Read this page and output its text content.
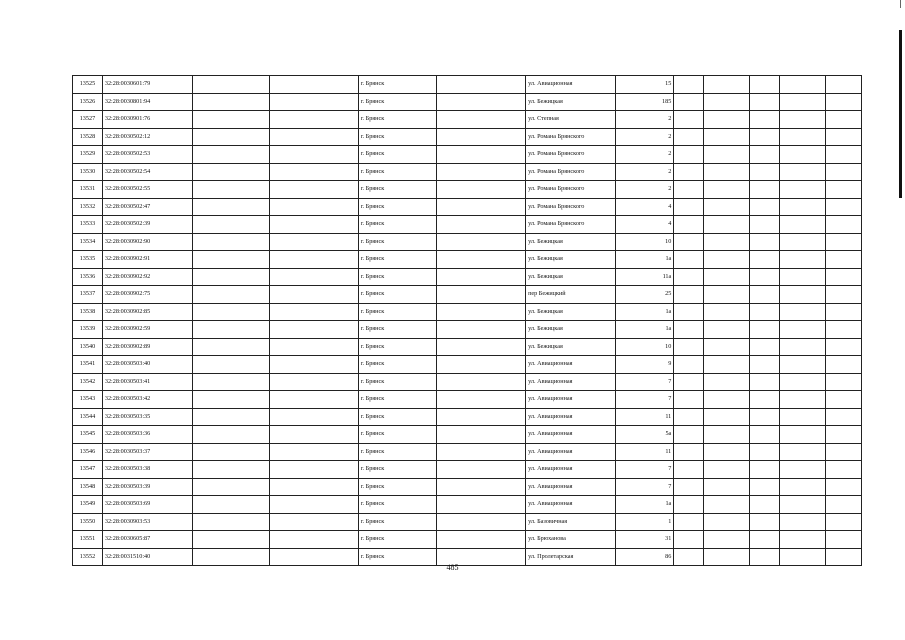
13525	32:28:0030601:79			г. Брянск		ул. Авиационная	15					
13526	32:28:0030801:94			г. Брянск		ул. Бежицкая	185					
13527	32:28:0030901:76			г. Брянск		ул. Степная	2					
13528	32:28:0030502:12			г. Брянск		ул. Романа Брянского	2					
13529	32:28:0030502:53			г. Брянск		ул. Романа Брянского	2					
13530	32:28:0030502:54			г. Брянск		ул. Романа Брянского	2					
13531	32:28:0030502:55			г. Брянск		ул. Романа Брянского	2					
13532	32:28:0030502:47			г. Брянск		ул. Романа Брянского	4					
13533	32:28:0030502:39			г. Брянск		ул. Романа Брянского	4					
13534	32:28:0030902:90			г. Брянск		ул. Бежицкая	10					
13535	32:28:0030902:91			г. Брянск		ул. Бежицкая	1а					
13536	32:28:0030902:92			г. Брянск		ул. Бежицкая	11а					
13537	32:28:0030902:75			г. Брянск		пер Бежицкий	25					
13538	32:28:0030902:85			г. Брянск		ул. Бежицкая	1а					
13539	32:28:0030902:59			г. Брянск		ул. Бежицкая	1а					
13540	32:28:0030902:89			г. Брянск		ул. Бежицкая	10					
13541	32:28:0030503:40			г. Брянск		ул. Авиационная	9					
13542	32:28:0030503:41			г. Брянск		ул. Авиационная	7					
13543	32:28:0030503:42			г. Брянск		ул. Авиационная	7					
13544	32:28:0030503:35			г. Брянск		ул. Авиационная	11					
13545	32:28:0030503:36			г. Брянск		ул. Авиационная	5а					
13546	32:28:0030503:37			г. Брянск		ул. Авиационная	11					
13547	32:28:0030503:38			г. Брянск		ул. Авиационная	7					
13548	32:28:0030503:39			г. Брянск		ул. Авиационная	7					
13549	32:28:0030503:69			г. Брянск		ул. Авиационная	1а					
13550	32:28:0030903:53			г. Брянск		ул. Базовичная	1					
13551	32:28:0030605:87			г. Брянск		ул. Брюханова	31					
13552	32:28:0031510:40			г. Брянск		ул. Пролетарская	86					
485
